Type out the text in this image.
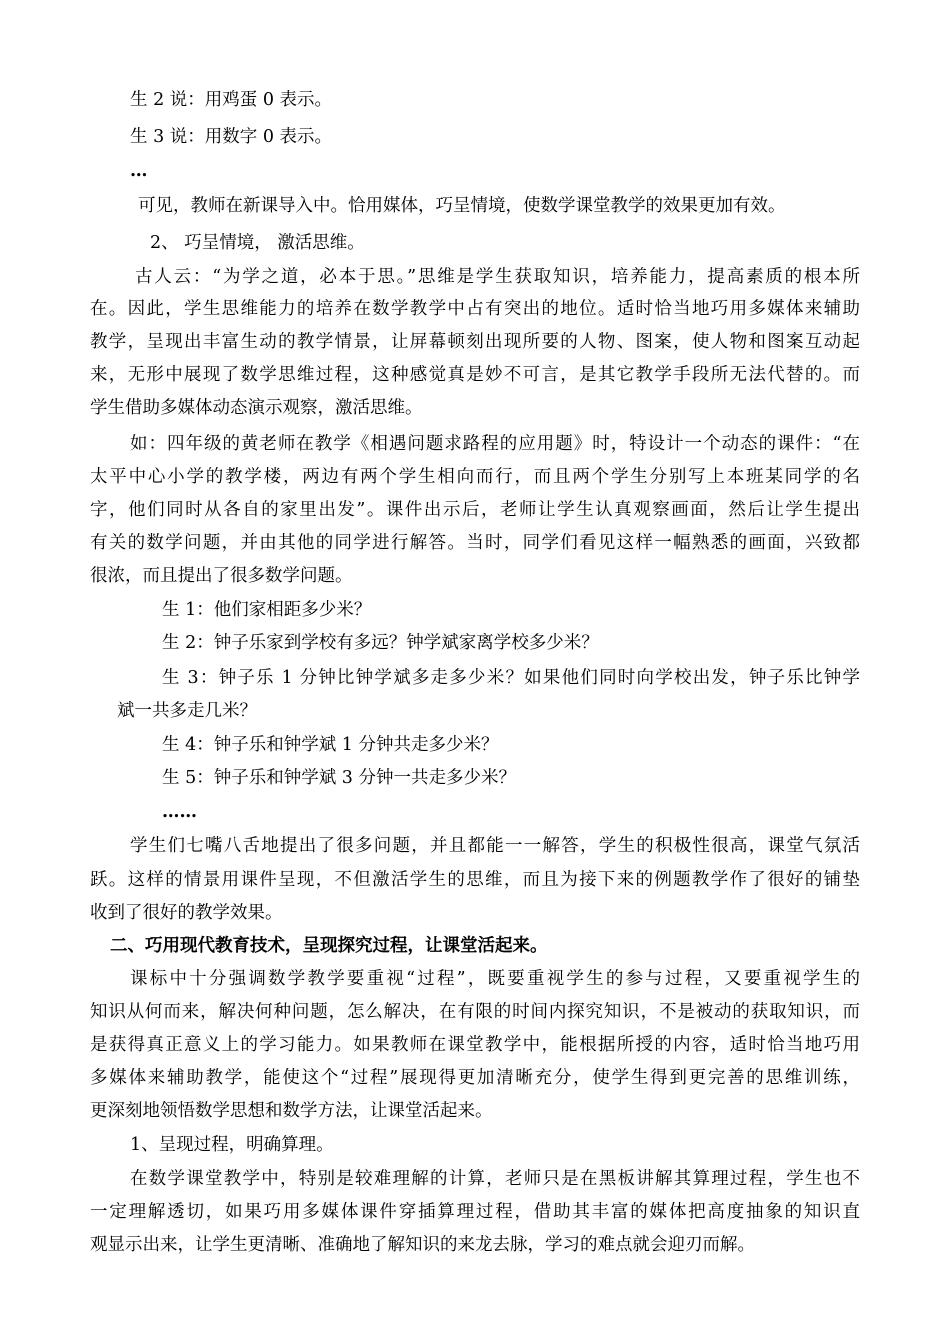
生 2 说：用鸡蛋 0 表示。

生 3 说：用数字 0 表示。

…

可见，教师在新课导入中。恰用媒体，巧呈情境，使数学课堂教学的效果更加有效。

2、 巧呈情境， 激活思维。

古人云：“为学之道，必本于思。”思维是学生获取知识，培养能力，提高素质的根本所

在。因此，学生思维能力的培养在数学教学中占有突出的地位。适时恰当地巧用多媒体来辅助

教学，呈现出丰富生动的教学情景，让屏幕顿刻出现所要的人物、图案，使人物和图案互动起

来，无形中展现了数学思维过程，这种感觉真是妙不可言，是其它教学手段所无法代替的。而

学生借助多媒体动态演示观察，激活思维。

如：四年级的黄老师在教学《相遇问题求路程的应用题》时，特设计一个动态的课件：“在

太平中心小学的教学楼，两边有两个学生相向而行，而且两个学生分别写上本班某同学的名

字，他们同时从各自的家里出发”。课件出示后，老师让学生认真观察画面，然后让学生提出

有关的数学问题，并由其他的同学进行解答。当时，同学们看见这样一幅熟悉的画面，兴致都

很浓，而且提出了很多数学问题。

生 1：他们家相距多少米？

生 2：钟子乐家到学校有多远？钟学斌家离学校多少米？

生 3：钟子乐 1 分钟比钟学斌多走多少米？如果他们同时向学校出发，钟子乐比钟学

斌一共多走几米？

生 4：钟子乐和钟学斌 1 分钟共走多少米？

生 5：钟子乐和钟学斌 3 分钟一共走多少米？

……

学生们七嘴八舌地提出了很多问题，并且都能一一解答，学生的积极性很高，课堂气氛活

跃。这样的情景用课件呈现，不但激活学生的思维，而且为接下来的例题教学作了很好的铺垫

收到了很好的教学效果。

二、巧用现代教育技术，呈现探究过程，让课堂活起来。

课标中十分强调数学教学要重视“过程”，既要重视学生的参与过程，又要重视学生的

知识从何而来，解决何种问题，怎么解决，在有限的时间内探究知识，不是被动的获取知识，而

是获得真正意义上的学习能力。如果教师在课堂教学中，能根据所授的内容，适时恰当地巧用

多媒体来辅助教学，能使这个“过程”展现得更加清晰充分，使学生得到更完善的思维训练，

更深刻地领悟数学思想和数学方法，让课堂活起来。

1、呈现过程，明确算理。

在数学课堂教学中，特别是较难理解的计算，老师只是在黑板讲解其算理过程，学生也不

一定理解透切，如果巧用多媒体课件穿插算理过程，借助其丰富的媒体把高度抽象的知识直

观显示出来，让学生更清晰、准确地了解知识的来龙去脉，学习的难点就会迎刃而解。
